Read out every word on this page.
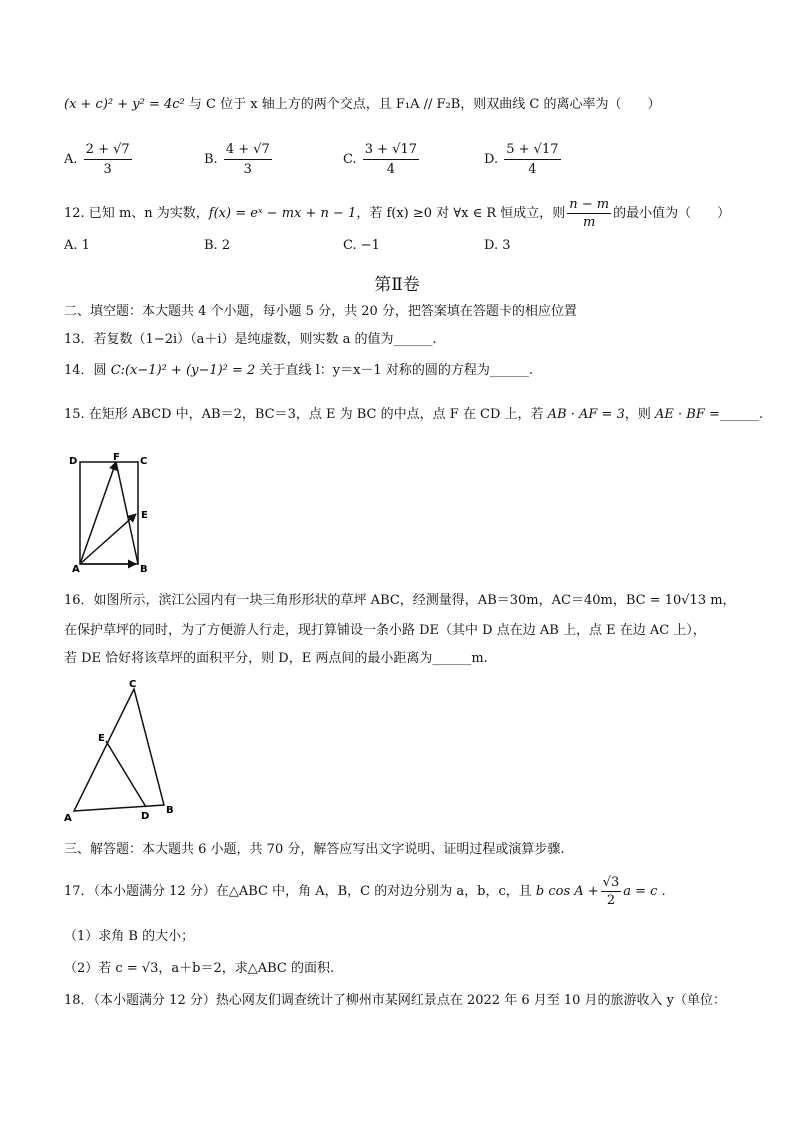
(x + c)² + y² = 4c² 与 C 位于 x 轴上方的两个交点，且 F₁A // F₂B，则双曲线 C 的离心率为（　　）
A. $\frac{2 + √7}{3}$	B. $\frac{4 + √7}{3}$	C. $\frac{3 + √17}{4}$	D. $\frac{5 + √17}{4}$
12. 已知 m、n 为实数，f(x) = eˣ − mx + n − 1，若 f(x) ≥0 对 ∀x ∈ R 恒成立，则 $\frac{n - m}{m}$ 的最小值为（　　）
A. 1	B. 2	C. −1	D. 3
第Ⅱ卷
二、填空题：本大题共 4 个小题，每小题 5 分，共 20 分，把答案填在答题卡的相应位置
13．若复数（1−2i）（a＋i）是纯虚数，则实数 a 的值为______.
14．圆 C:(x−1)² + (y−1)² = 2 关于直线 l：y＝x－1 对称的圆的方程为______.
15. 在矩形 ABCD 中，AB＝2，BC＝3，点 E 为 BC 的中点，点 F 在 CD 上，若 AB · AF = 3，则 AE · BF =______.
D	F C
E
A	B
16．如图所示，滨江公园内有一块三角形形状的草坪 ABC，经测量得，AB＝30m，AC＝40m，BC = 10√13 m，
在保护草坪的同时，为了方便游人行走，现打算铺设一条小路 DE（其中 D 点在边 AB 上，点 E 在边 AC 上），
若 DE 恰好将该草坪的面积平分，则 D，E 两点间的最小距离为______m.
C
E
A	D
B
三、解答题：本大题共 6 小题，共 70 分，解答应写出文字说明、证明过程或演算步骤.
17．（本小题满分 12 分）在△ABC 中，角 A，B，C 的对边分别为 a，b，c，且 b $\cos A + \frac{√3}{2}$ a = c .
（1）求角 B 的大小；
（2）若 c = √3，a＋b＝2，求△ABC 的面积.
18．（本小题满分 12 分）热心网友们调查统计了柳州市某网红景点在 2022 年 6 月至 10 月的旅游收入 y（单位：
